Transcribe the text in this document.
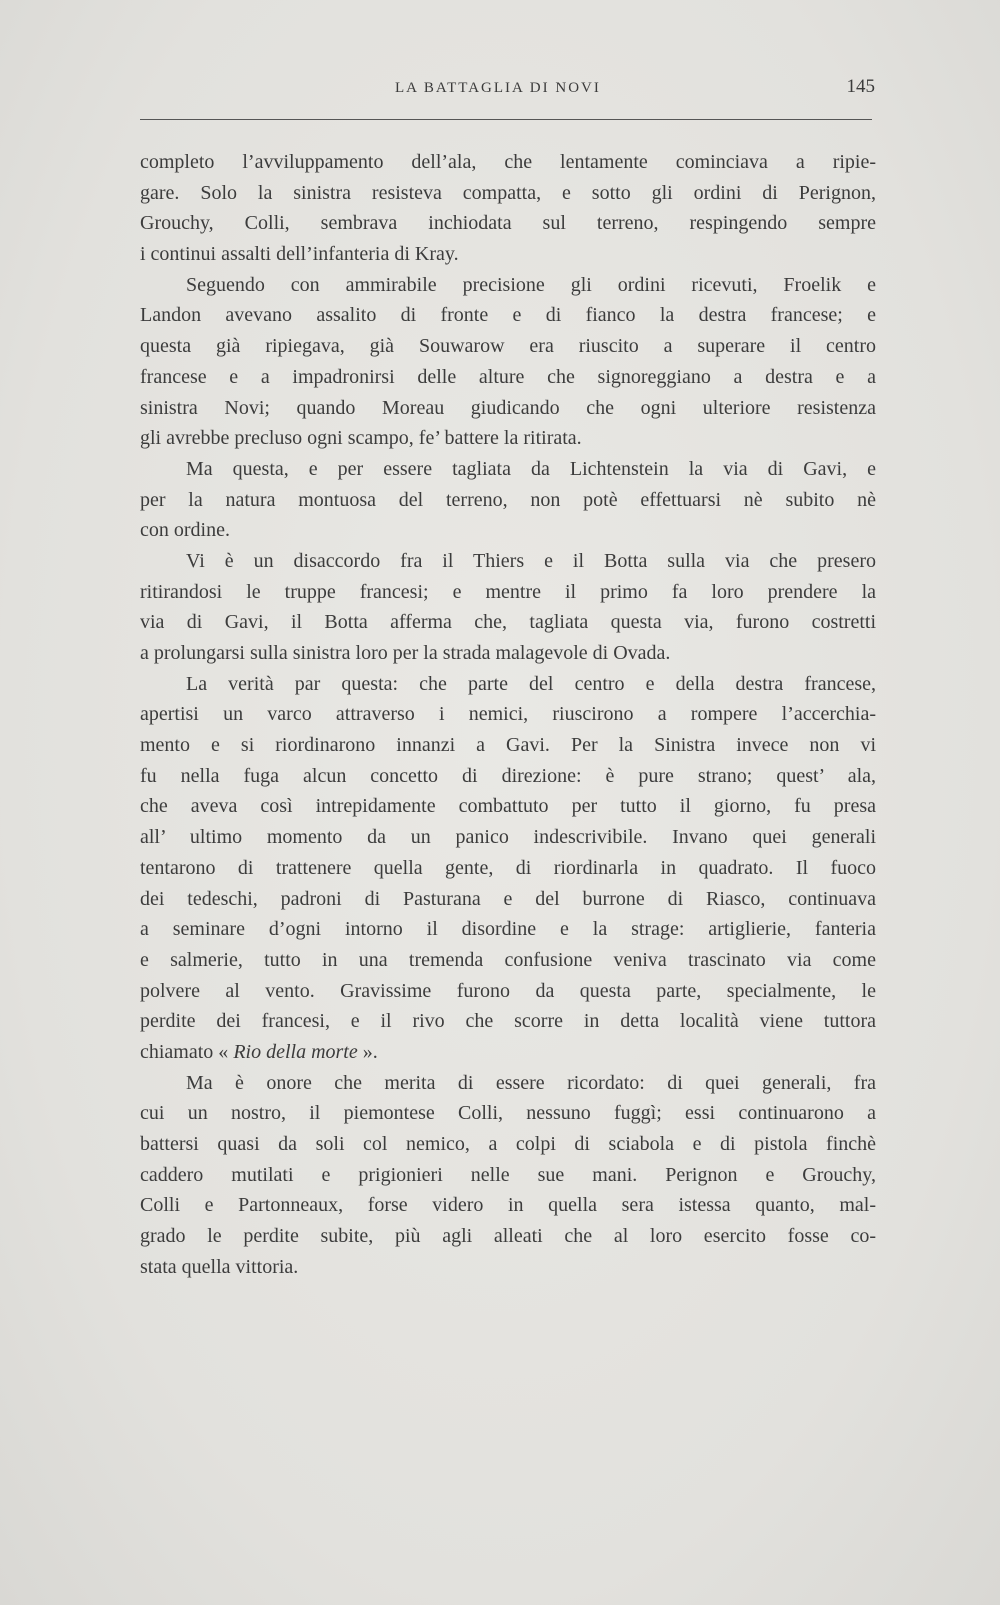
LA BATTAGLIA DI NOVI	145
completo l’avviluppamento dell’ala, che lentamente cominciava a ripie-
gare. Solo la sinistra resisteva compatta, e sotto gli ordini di Perignon,
Grouchy, Colli, sembrava inchiodata sul terreno, respingendo sempre
i continui assalti dell’infanteria di Kray.
Seguendo con ammirabile precisione gli ordini ricevuti, Froelik e
Landon avevano assalito di fronte e di fianco la destra francese; e
questa già ripiegava, già Souwarow era riuscito a superare il centro
francese e a impadronirsi delle alture che signoreggiano a destra e a
sinistra Novi; quando Moreau giudicando che ogni ulteriore resistenza
gli avrebbe precluso ogni scampo, fe’ battere la ritirata.
Ma questa, e per essere tagliata da Lichtenstein la via di Gavi, e
per la natura montuosa del terreno, non potè effettuarsi nè subito nè
con ordine.
Vi è un disaccordo fra il Thiers e il Botta sulla via che presero
ritirandosi le truppe francesi; e mentre il primo fa loro prendere la
via di Gavi, il Botta afferma che, tagliata questa via, furono costretti
a prolungarsi sulla sinistra loro per la strada malagevole di Ovada.
La verità par questa: che parte del centro e della destra francese,
apertisi un varco attraverso i nemici, riuscirono a rompere l’accerchia-
mento e si riordinarono innanzi a Gavi. Per la Sinistra invece non vi
fu nella fuga alcun concetto di direzione: è pure strano; quest’ ala,
che aveva così intrepidamente combattuto per tutto il giorno, fu presa
all’ ultimo momento da un panico indescrivibile. Invano quei generali
tentarono di trattenere quella gente, di riordinarla in quadrato. Il fuoco
dei tedeschi, padroni di Pasturana e del burrone di Riasco, continuava
a seminare d’ogni intorno il disordine e la strage: artiglierie, fanteria
e salmerie, tutto in una tremenda confusione veniva trascinato via come
polvere al vento. Gravissime furono da questa parte, specialmente, le
perdite dei francesi, e il rivo che scorre in detta località viene tuttora
chiamato « Rio della morte ».
Ma è onore che merita di essere ricordato: di quei generali, fra
cui un nostro, il piemontese Colli, nessuno fuggì; essi continuarono a
battersi quasi da soli col nemico, a colpi di sciabola e di pistola finchè
caddero mutilati e prigionieri nelle sue mani. Perignon e Grouchy,
Colli e Partonneaux, forse videro in quella sera istessa quanto, mal-
grado le perdite subite, più agli alleati che al loro esercito fosse co-
stata quella vittoria.
